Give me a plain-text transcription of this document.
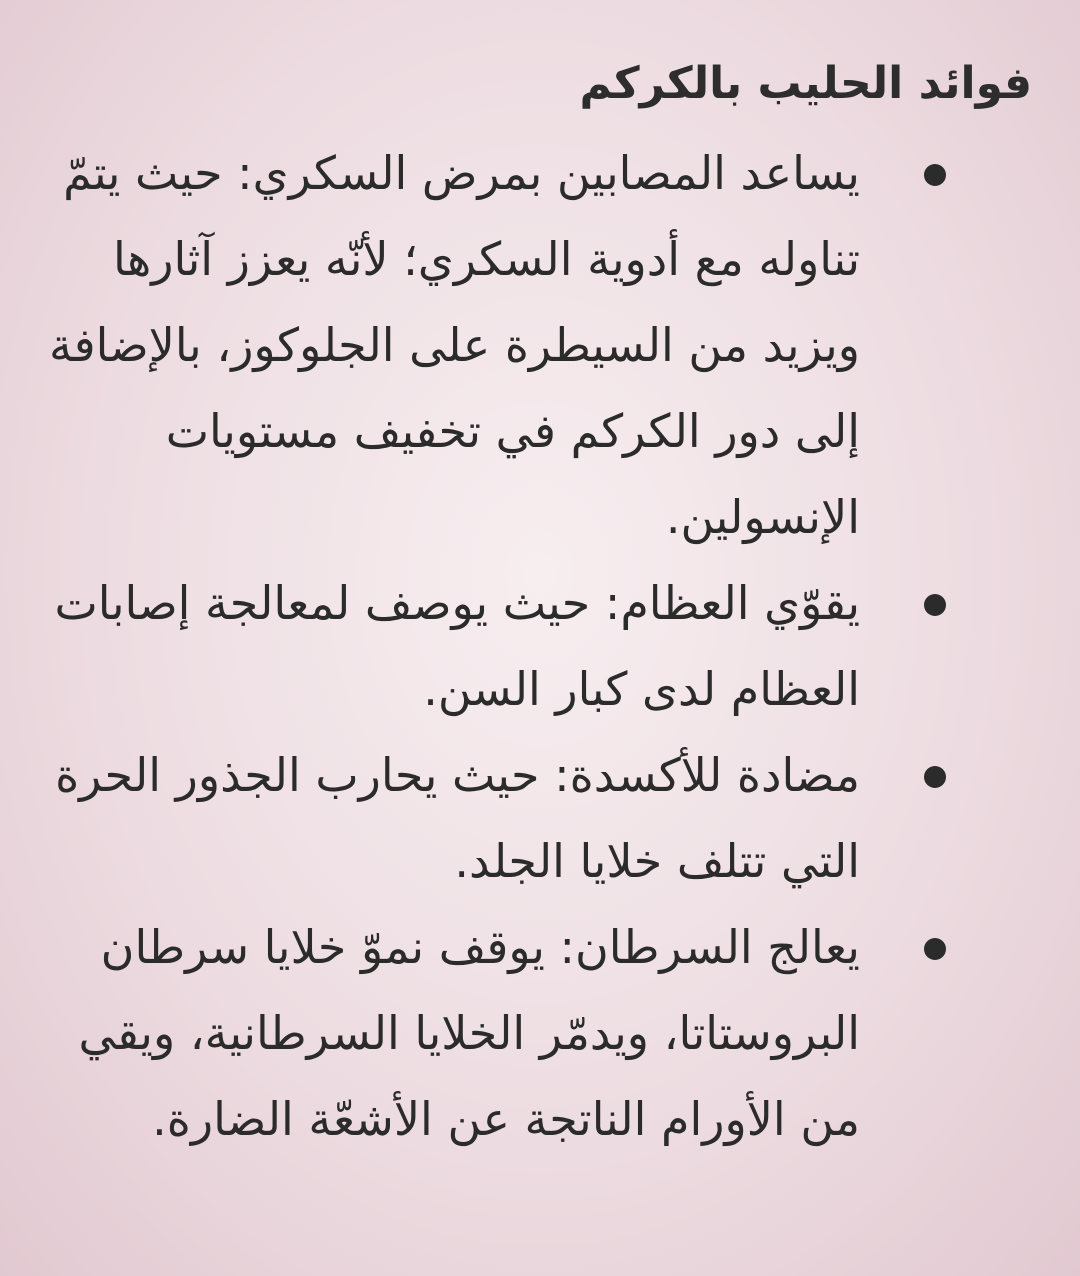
فوائد الحليب بالكركم
يساعد المصابين بمرض السكري: حيث يتمّ تناوله مع أدوية السكري؛ لأنّه يعزز آثارها ويزيد من السيطرة على الجلوكوز، بالإضافة إلى دور الكركم في تخفيف مستويات الإنسولين.
يقوّي العظام: حيث يوصف لمعالجة إصابات العظام لدى كبار السن.
مضادة للأكسدة: حيث يحارب الجذور الحرة التي تتلف خلايا الجلد.
يعالج السرطان: يوقف نموّ خلايا سرطان البروستاتا، ويدمّر الخلايا السرطانية، ويقي من الأورام الناتجة عن الأشعّة الضارة.
